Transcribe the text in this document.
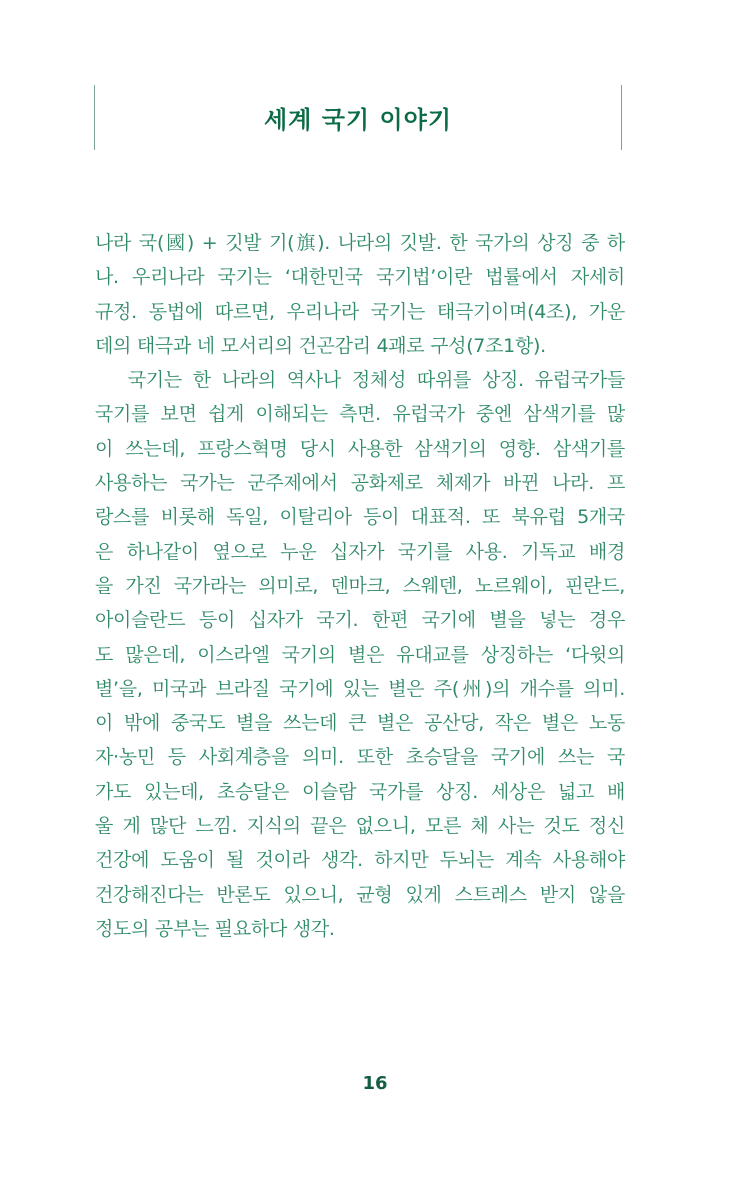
세계 국기 이야기
나라 국(國) + 깃발 기(旗). 나라의 깃발. 한 국가의 상징 중 하
나. 우리나라 국기는 ‘대한민국 국기법’이란 법률에서 자세히
규정. 동법에 따르면, 우리나라 국기는 태극기이며(4조), 가운
데의 태극과 네 모서리의 건곤감리 4괘로 구성(7조1항).
국기는 한 나라의 역사나 정체성 따위를 상징. 유럽국가들
국기를 보면 쉽게 이해되는 측면. 유럽국가 중엔 삼색기를 많
이 쓰는데, 프랑스혁명 당시 사용한 삼색기의 영향. 삼색기를
사용하는 국가는 군주제에서 공화제로 체제가 바뀐 나라. 프
랑스를 비롯해 독일, 이탈리아 등이 대표적. 또 북유럽 5개국
은 하나같이 옆으로 누운 십자가 국기를 사용. 기독교 배경
을 가진 국가라는 의미로, 덴마크, 스웨덴, 노르웨이, 핀란드,
아이슬란드 등이 십자가 국기. 한편 국기에 별을 넣는 경우
도 많은데, 이스라엘 국기의 별은 유대교를 상징하는 ‘다윗의
별’을, 미국과 브라질 국기에 있는 별은 주(州)의 개수를 의미.
이 밖에 중국도 별을 쓰는데 큰 별은 공산당, 작은 별은 노동
자·농민 등 사회계층을 의미. 또한 초승달을 국기에 쓰는 국
가도 있는데, 초승달은 이슬람 국가를 상징. 세상은 넓고 배
울 게 많단 느낌. 지식의 끝은 없으니, 모른 체 사는 것도 정신
건강에 도움이 될 것이라 생각. 하지만 두뇌는 계속 사용해야
건강해진다는 반론도 있으니, 균형 있게 스트레스 받지 않을
정도의 공부는 필요하다 생각.
16
